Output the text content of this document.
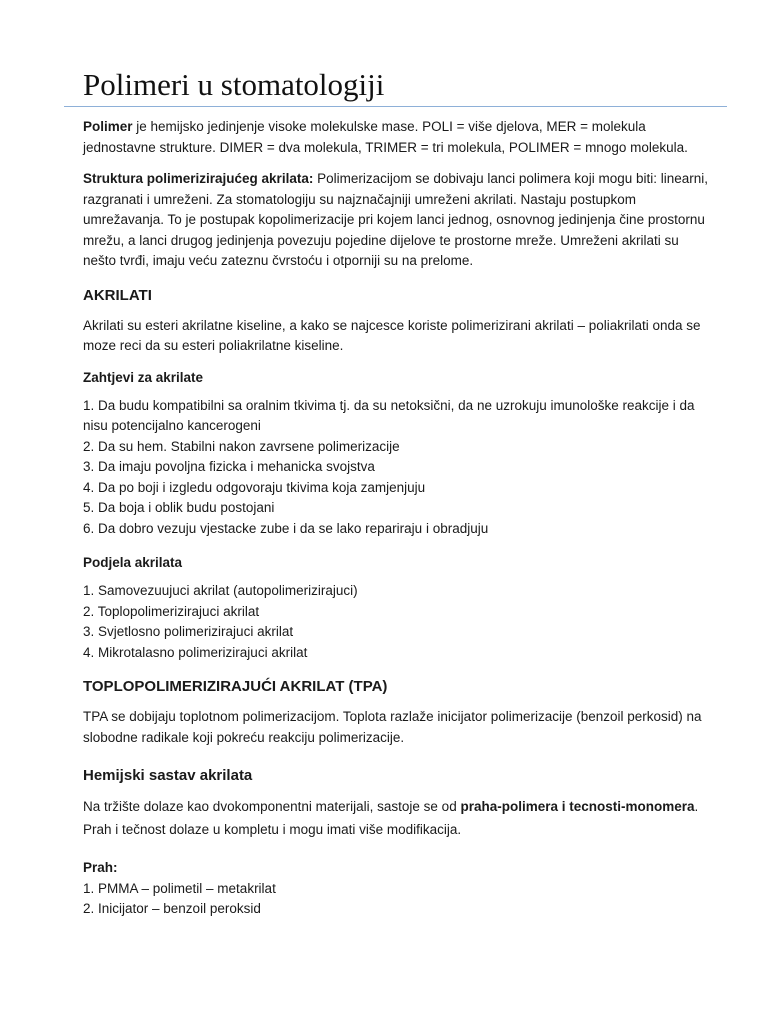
Polimeri u stomatologiji

Polimer je hemijsko jedinjenje visoke molekulske mase. POLI = više djelova, MER = molekula jednostavne strukture. DIMER = dva molekula, TRIMER = tri molekula, POLIMER = mnogo molekula.

Struktura polimerizirajućeg akrilata: Polimerizacijom se dobivaju lanci polimera koji mogu biti: linearni, razgranati i umreženi. Za stomatologiju su najznačajniji umreženi akrilati. Nastaju postupkom umrežavanja. To je postupak kopolimerizacije pri kojem lanci jednog, osnovnog jedinjenja čine prostornu mrežu, a lanci drugog jedinjenja povezuju pojedine dijelove te prostorne mreže. Umreženi akrilati su nešto tvrđi, imaju veću zateznu čvrstoću i otporniji su na prelome.

AKRILATI

Akrilati su esteri akrilatne kiseline, a kako se najcesce koriste polimerizirani akrilati – poliakrilati onda se moze reci da su esteri poliakrilatne kiseline.

Zahtjevi za akrilate
1. Da budu kompatibilni sa oralnim tkivima tj. da su netoksični, da ne uzrokuju imunološke reakcije i da nisu potencijalno kancerogeni
2. Da su hem. Stabilni nakon zavrsene polimerizacije
3. Da imaju povoljna fizicka i mehanicka svojstva
4. Da po boji i izgledu odgovoraju tkivima koja zamjenjuju
5. Da boja i oblik budu postojani
6. Da dobro vezuju vjestacke zube i da se lako repariraju i obradjuju
Podjela akrilata
1. Samovezuujuci akrilat (autopolimerizirajuci)
2. Toplopolimerizirajuci akrilat
3. Svjetlosno polimerizirajuci akrilat
4. Mikrotalasno polimerizirajuci akrilat
TOPLOPOLIMERIZIRAJUĆI AKRILAT (TPA)

TPA se dobijaju toplotnom polimerizacijom. Toplota razlaže inicijator polimerizacije (benzoil perkosid) na slobodne radikale koji pokreću reakciju polimerizacije.

Hemijski sastav akrilata

Na tržište dolaze kao dvokomponentni materijali, sastoje se od praha-polimera i tecnosti-monomera. Prah i tečnost dolaze u kompletu i mogu imati više modifikacija.

Prah:

1. PMMA – polimetil – metakrilat
2. Inicijator – benzoil peroksid
